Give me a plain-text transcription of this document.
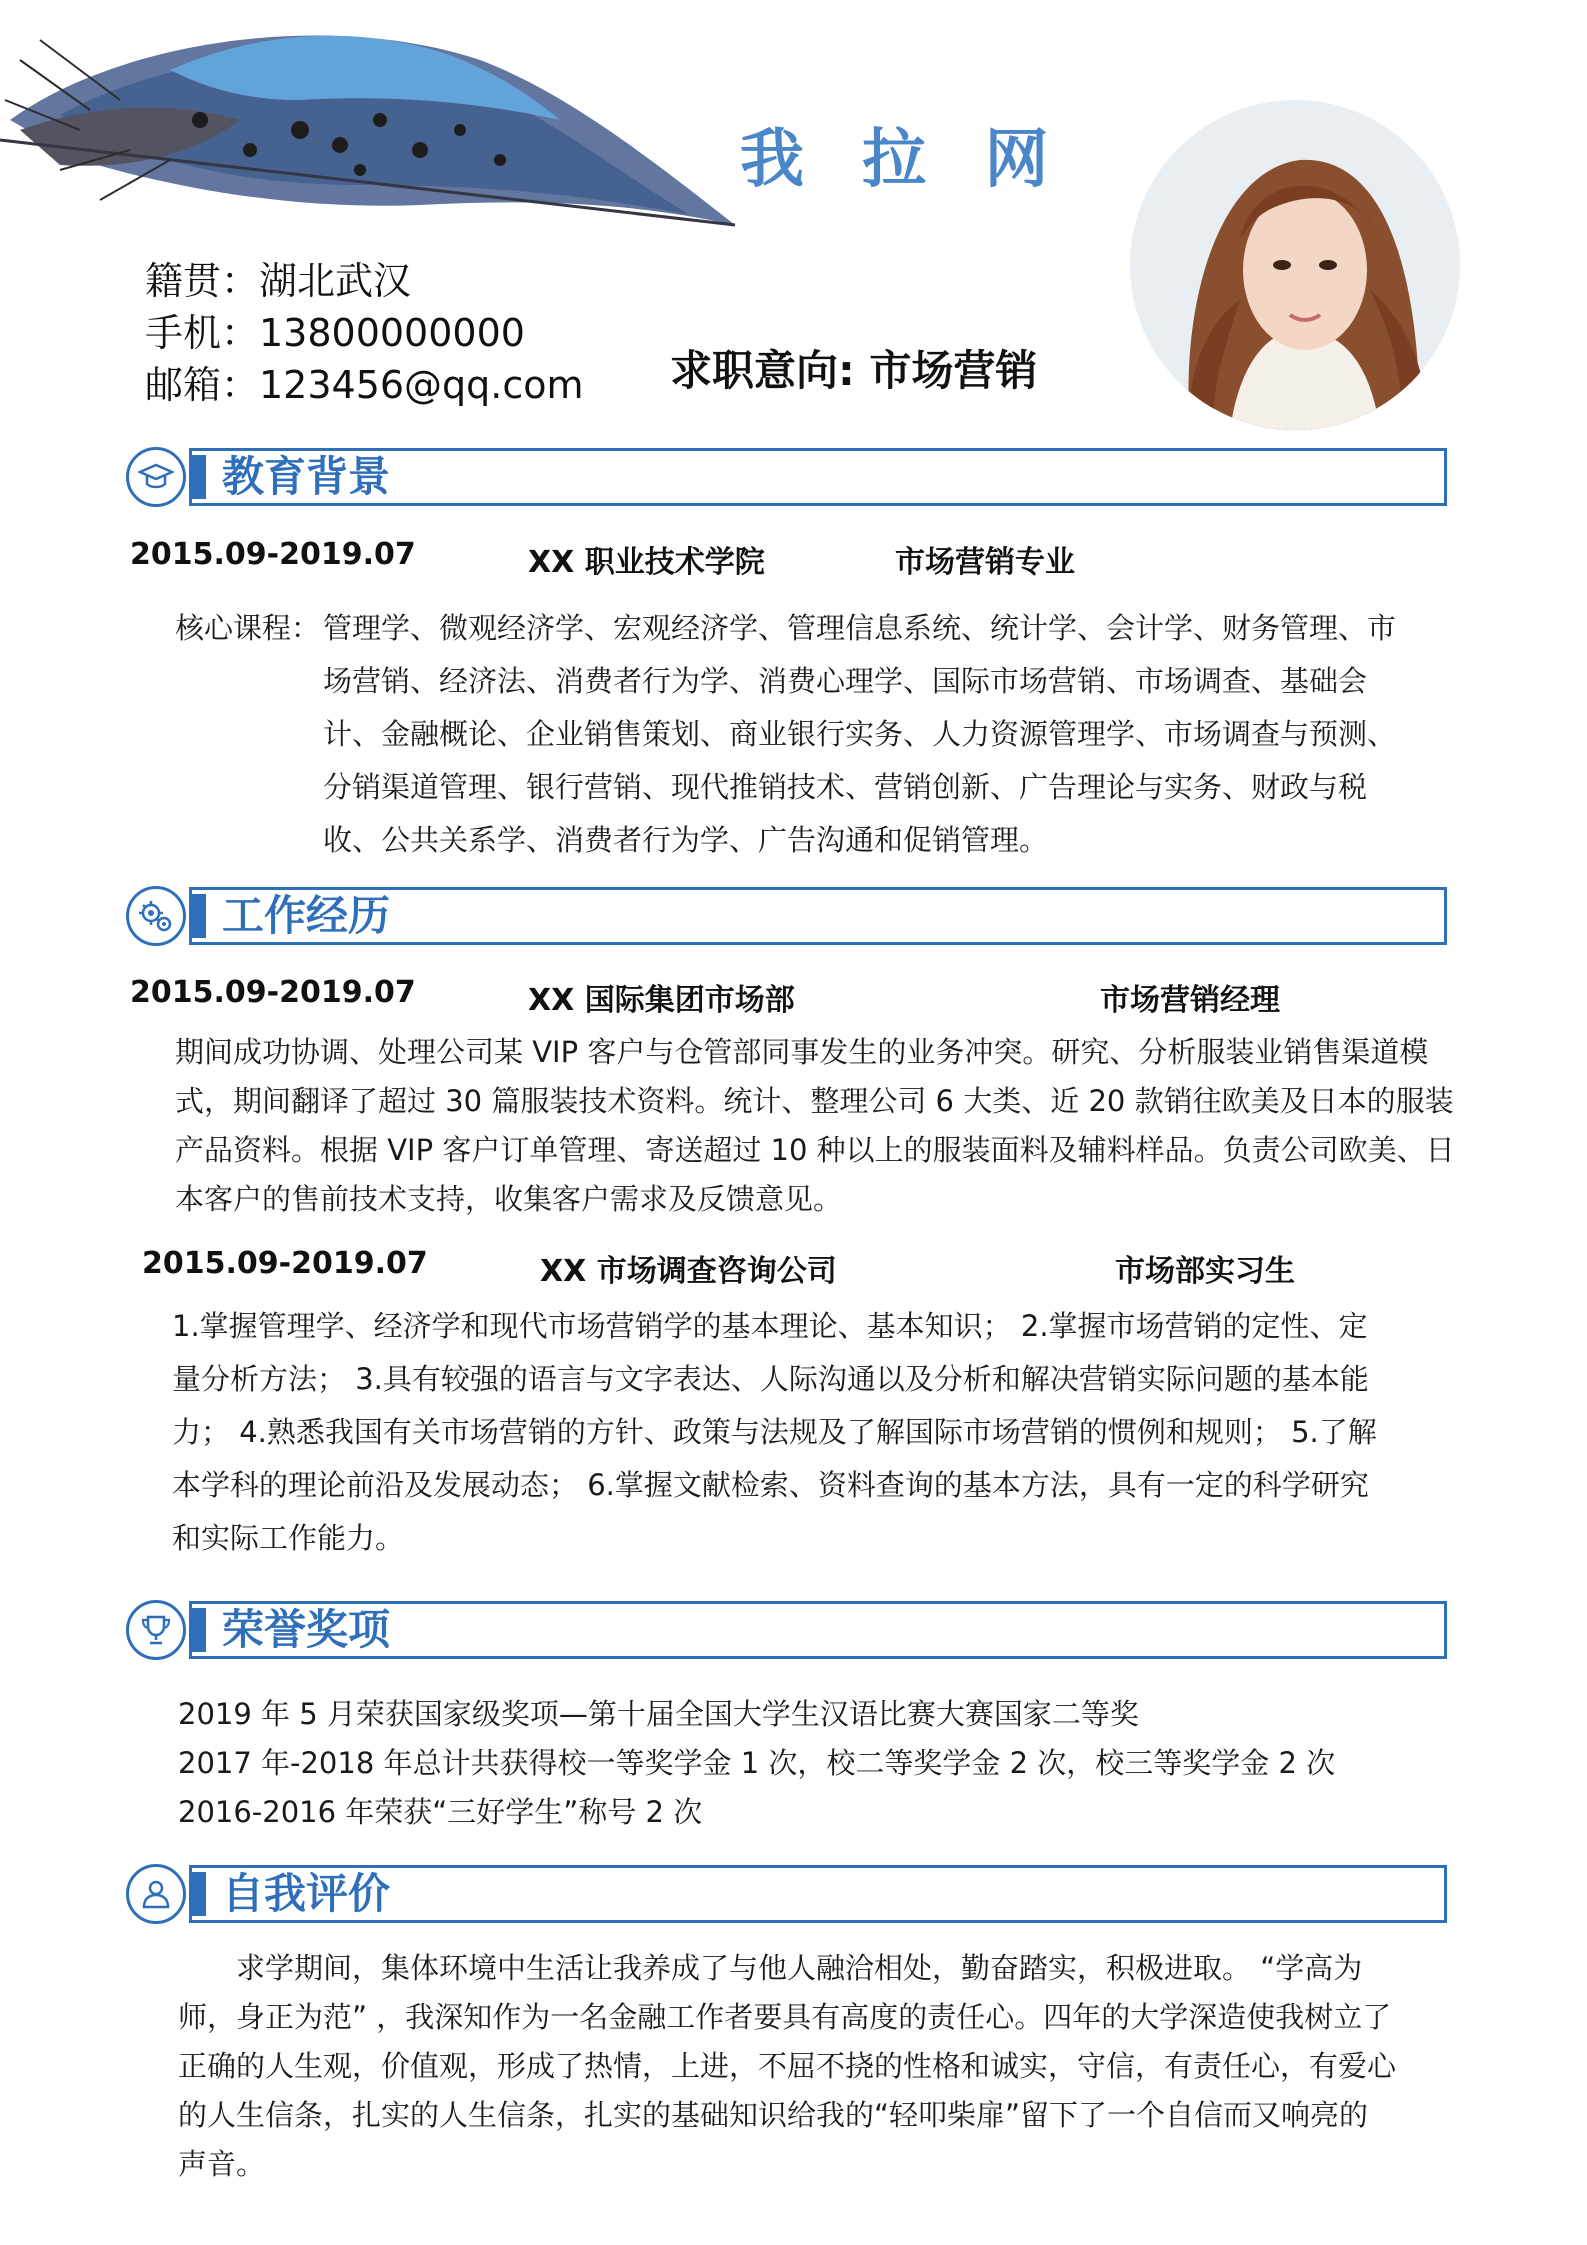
我 拉 网
籍贯：湖北武汉
手机：13800000000
邮箱：123456@qq.com 求职意向: 市场营销
教育背景
2015.09-2019.07	XX 职业技术学院	市场营销专业
核心课程： 管理学、微观经济学、宏观经济学、管理信息系统、统计学、会计学、财务管理、市
场营销、经济法、消费者行为学、消费心理学、国际市场营销、市场调查、基础会
计、金融概论、企业销售策划、商业银行实务、人力资源管理学、市场调查与预测、
分销渠道管理、银行营销、现代推销技术、营销创新、广告理论与实务、财政与税
收、公共关系学、消费者行为学、广告沟通和促销管理。
工作经历
2015.09-2019.07	XX 国际集团市场部	市场营销经理
期间成功协调、处理公司某 VIP 客户与仓管部同事发生的业务冲突。研究、分析服装业销售渠道模
式，期间翻译了超过 30 篇服装技术资料。统计、整理公司 6 大类、近 20 款销往欧美及日本的服装
产品资料。根据 VIP 客户订单管理、寄送超过 10 种以上的服装面料及辅料样品。负责公司欧美、日
本客户的售前技术支持，收集客户需求及反馈意见。
2015.09-2019.07	XX 市场调查咨询公司	市场部实习生
1.掌握管理学、经济学和现代市场营销学的基本理论、基本知识； 2.掌握市场营销的定性、定
量分析方法； 3.具有较强的语言与文字表达、人际沟通以及分析和解决营销实际问题的基本能
力； 4.熟悉我国有关市场营销的方针、政策与法规及了解国际市场营销的惯例和规则； 5.了解
本学科的理论前沿及发展动态； 6.掌握文献检索、资料查询的基本方法，具有一定的科学研究
和实际工作能力。
荣誉奖项
2019 年 5 月荣获国家级奖项—第十届全国大学生汉语比赛大赛国家二等奖
2017 年-2018 年总计共获得校一等奖学金 1 次，校二等奖学金 2 次，校三等奖学金 2 次
2016-2016 年荣获“三好学生”称号 2 次
自我评价
　　求学期间，集体环境中生活让我养成了与他人融洽相处，勤奋踏实，积极进取。 “学高为
师，身正为范” ，我深知作为一名金融工作者要具有高度的责任心。四年的大学深造使我树立了
正确的人生观，价值观，形成了热情，上进，不屈不挠的性格和诚实，守信，有责任心，有爱心
的人生信条，扎实的人生信条，扎实的基础知识给我的“轻叩柴扉”留下了一个自信而又响亮的
声音。
